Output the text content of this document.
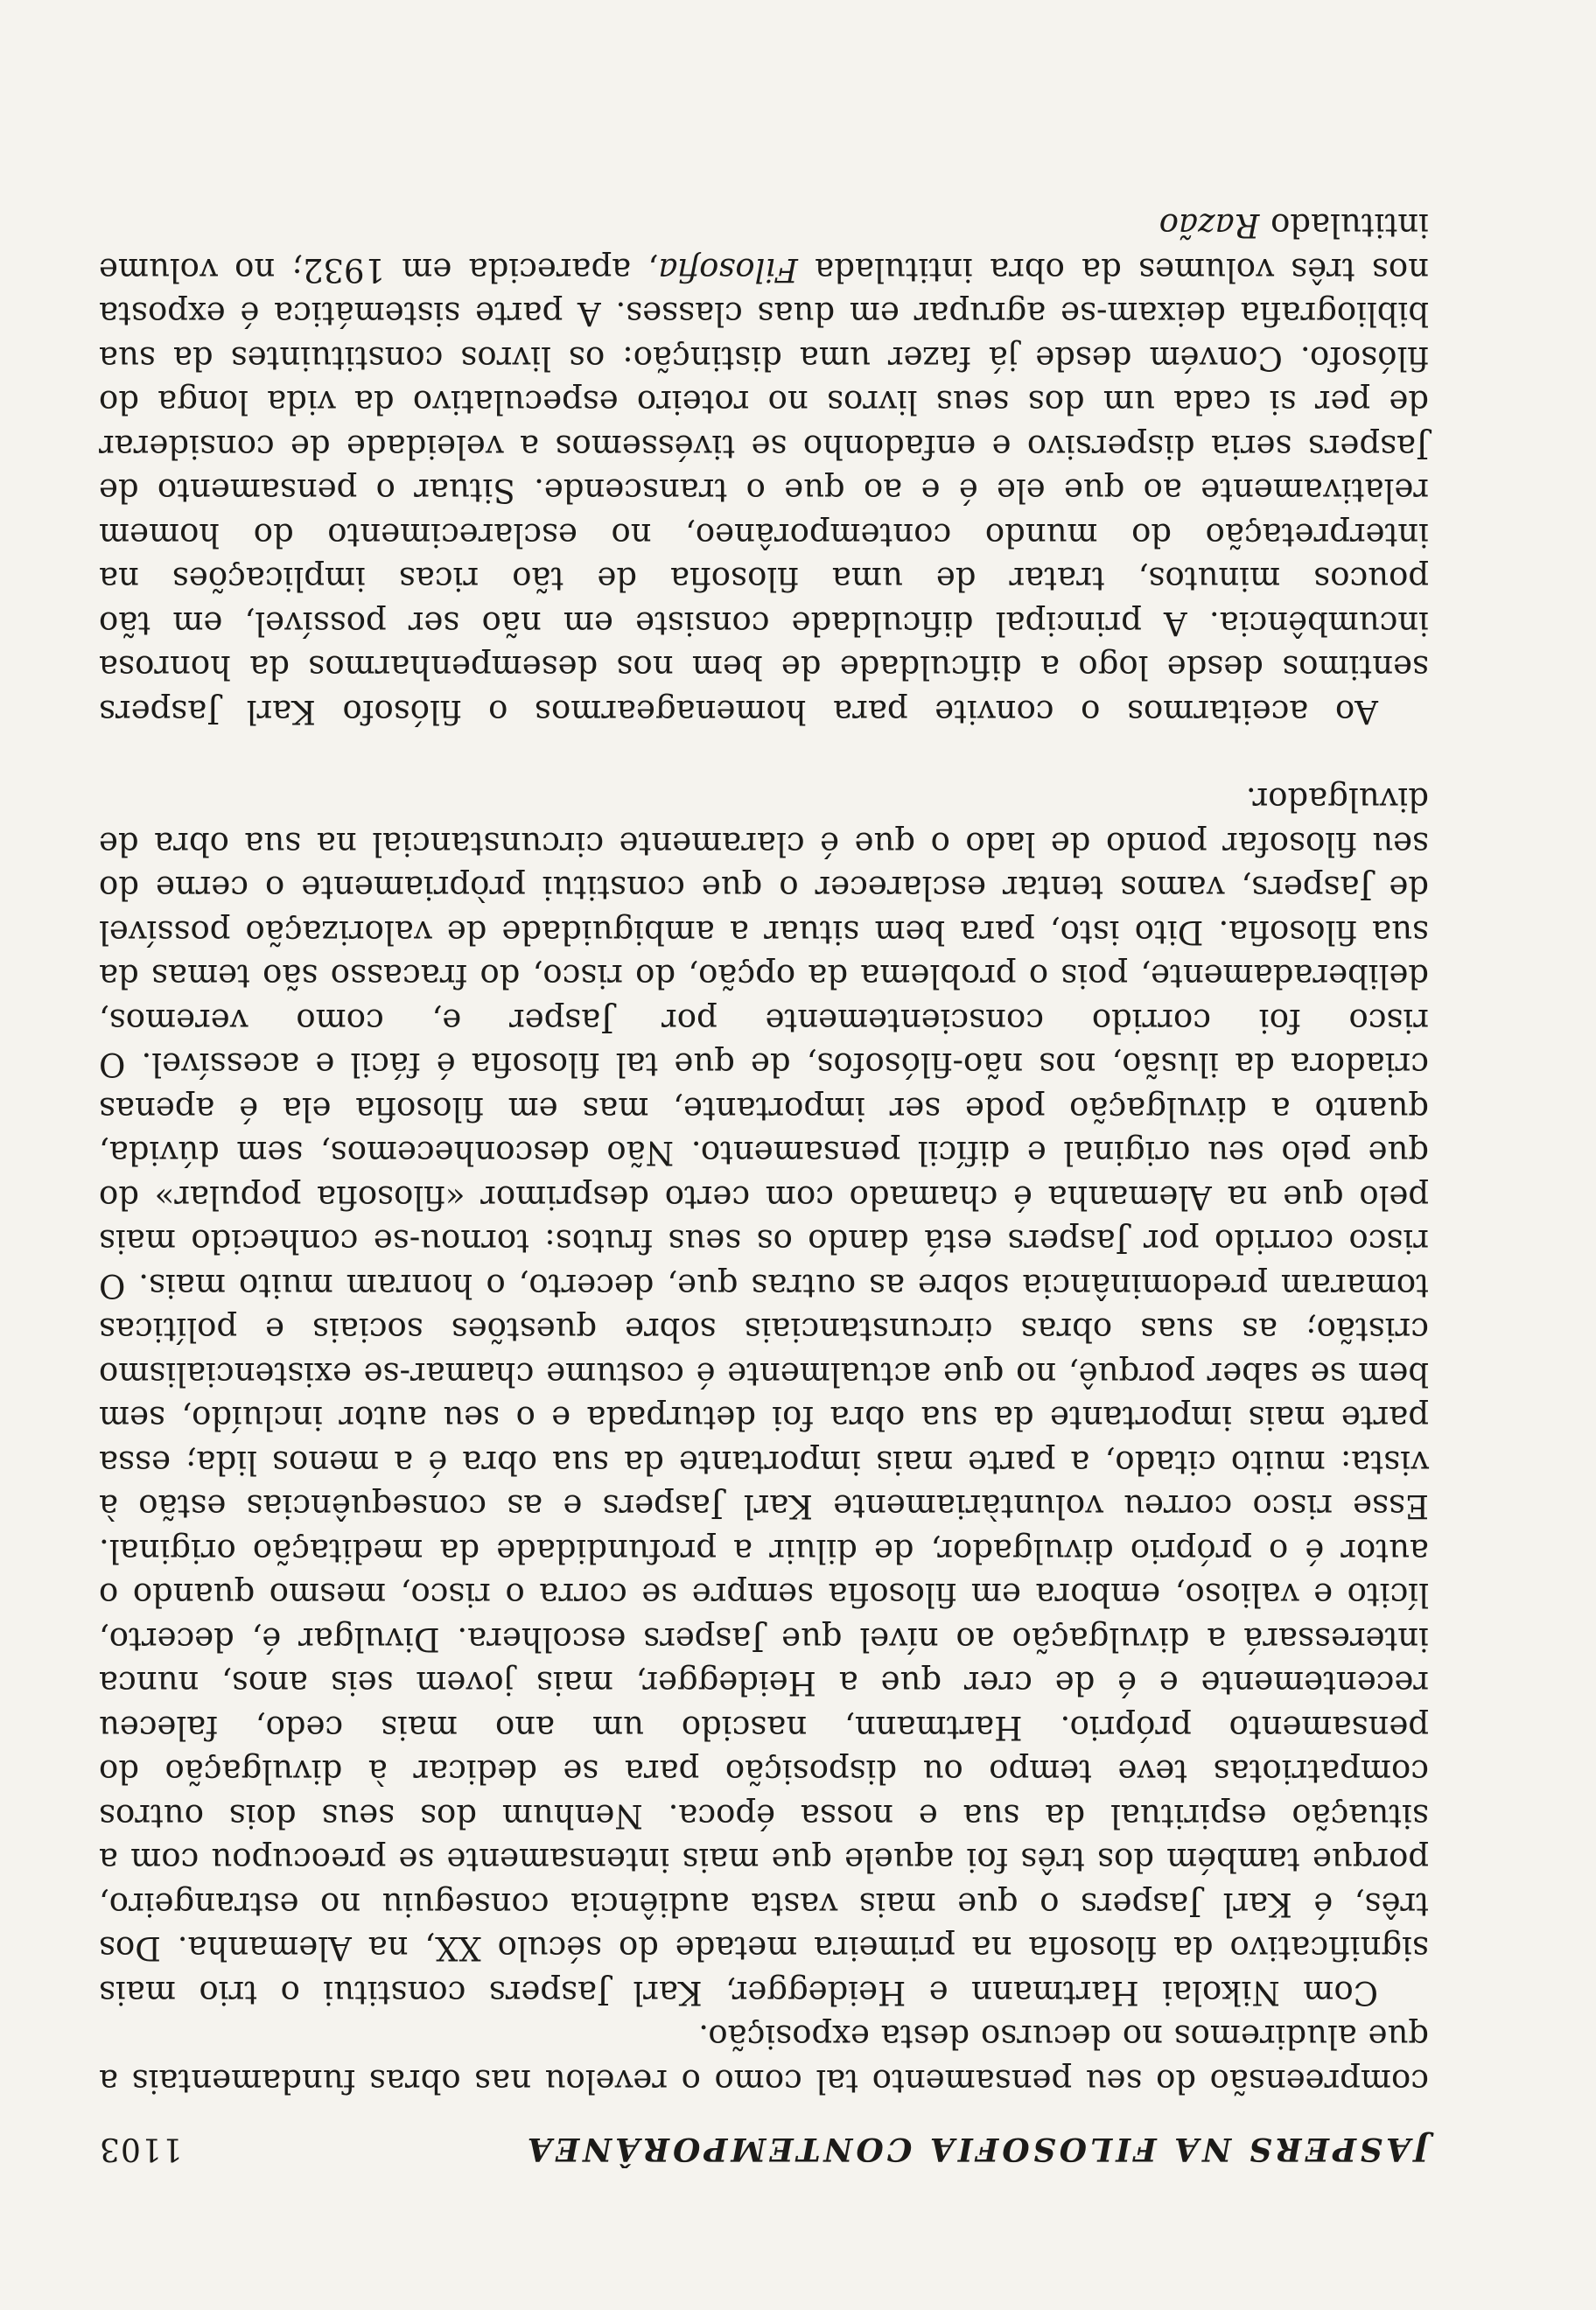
JASPERS NA FILOSOFIA CONTEMPORÂNEA
1103

compreensão do seu pensamento tal como o revelou nas obras fundamentais a que aludiremos no decurso desta exposição.

Com Nikolai Hartmann e Heidegger, Karl Jaspers constitui o trio mais significativo da filosofia na primeira metade do século XX, na Alemanha. Dos três, é Karl Jaspers o que mais vasta audiência conseguiu no estrangeiro, porque também dos três foi aquele que mais intensamente se preocupou com a situação espiritual da sua e nossa época. Nenhum dos seus dois outros compatriotas teve tempo ou disposição para se dedicar à divulgação do pensamento próprio. Hartmann, nascido um ano mais cedo, faleceu recentemente e é de crer que a Heidegger, mais jovem seis anos, nunca interessará a divulgação ao nível que Jaspers escolhera. Divulgar é, decerto, lícito e valioso, embora em filosofia sempre se corra o risco, mesmo quando o autor é o próprio divulgador, de diluir a profundidade da meditação original. Esse risco correu voluntàriamente Karl Jaspers e as consequências estão à vista: muito citado, a parte mais importante da sua obra é a menos lida; essa parte mais importante da sua obra foi deturpada e o seu autor incluído, sem bem se saber porquê, no que actualmente é costume chamar-se existencialismo cristão; as suas obras circunstanciais sobre questões sociais e políticas tomaram predominância sobre as outras que, decerto, o honram muito mais. O risco corrido por Jaspers está dando os seus frutos: tornou-se conhecido mais pelo que na Alemanha é chamado com certo desprimor «filosofia popular» do que pelo seu original e difícil pensamento. Não desconhecemos, sem dúvida, quanto a divulgação pode ser importante, mas em filosofia ela é apenas criadora da ilusão, nos não-filósofos, de que tal filosofia é fácil e acessível. O risco foi corrido conscientemente por Jasper e, como veremos, deliberadamente, pois o problema da opção, do risco, do fracasso são temas da sua filosofia. Dito isto, para bem situar a ambiguidade de valorização possível de Jaspers, vamos tentar esclarecer o que constitui pròpriamente o cerne do seu filosofar pondo de lado o que é claramente circunstancial na sua obra de divulgador.

Ao aceitarmos o convite para homenagearmos o filósofo Karl Jaspers sentimos desde logo a dificuldade de bem nos desempenharmos da honrosa incumbência. A principal dificuldade consiste em não ser possível, em tão poucos minutos, tratar de uma filosofia de tão ricas implicações na interpretação do mundo contemporâneo, no esclarecimento do homem relativamente ao que ele é e ao que o transcende. Situar o pensamento de Jaspers seria dispersivo e enfadonho se tivéssemos a veleidade de considerar de per si cada um dos seus livros no roteiro especulativo da vida longa do filósofo. Convém desde já fazer uma distinção: os livros constituintes da sua bibliografia deixam-se agrupar em duas classes. A parte sistemática é exposta nos três volumes da obra intitulada Filosofia, aparecida em 1932; no volume intitulado Razão
